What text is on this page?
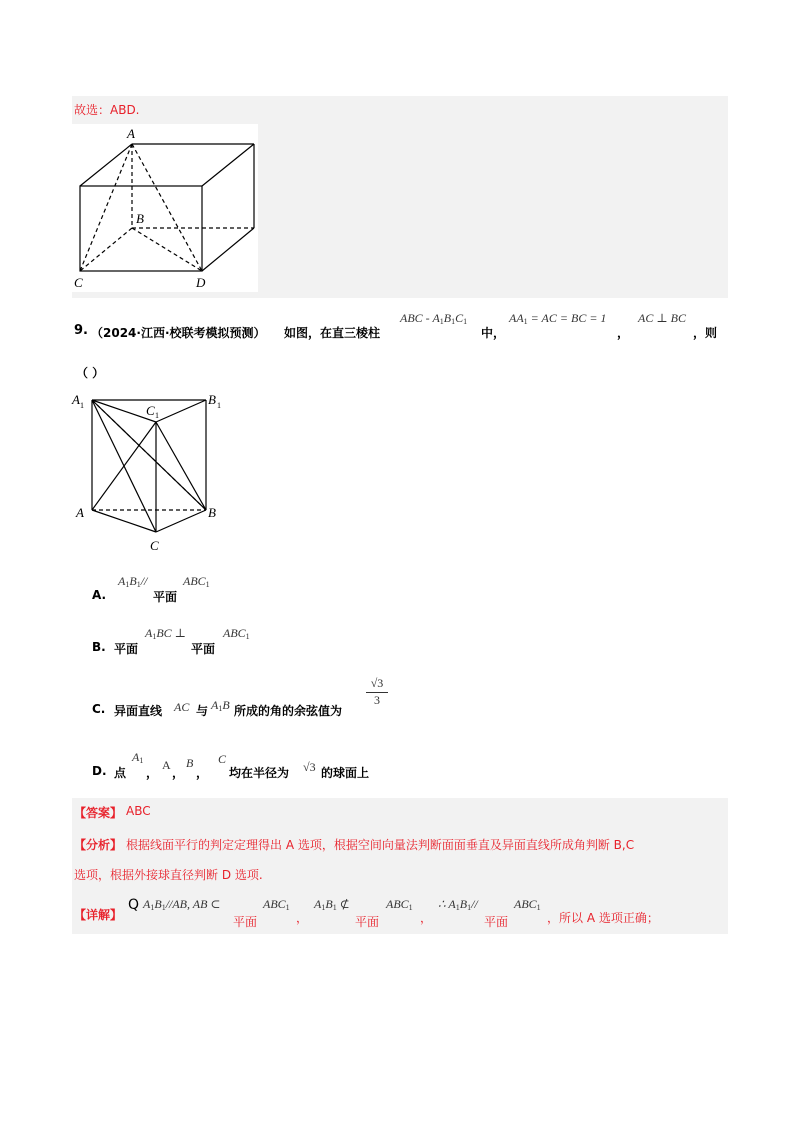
故选：ABD.
A
B
C	D
9. （2024·江西·校联考模拟预测） 如图，在直三棱柱
ABC - $A_1B_1C_1$
中，
$AA_1$ = AC = BC = 1
，
AC ⊥ BC
，则
（ ）
A 1	C 1
B 1
A	B
C
A.
$A_1B_1//$
平面
$ABC_1$
B. 平面
$A_1BC$ ⊥
平面
$ABC_1$
C. 异面直线 AC 与 $A_1B$ 所成的角的余弦值为
$\frac{√3}{3}$
D. 点
$A_1$
，
A
，
B
，
C
均在半径为 √3 的球面上
【答案】 ABC
【分析】 根据线面平行的判定定理得出 A 选项，根据空间向量法判断面面垂直及异面直线所成角判断 B,C
选项，根据外接球直径判断 D 选项.
【详解】
Q $A_1B_1//AB$, AB ⊂
平面
$ABC_1$
，
$A_1B_1$ ⊄
平面
$ABC_1$
，
∴ $A_1B_1//$
平面
$ABC_1$
，所以 A 选项正确；
